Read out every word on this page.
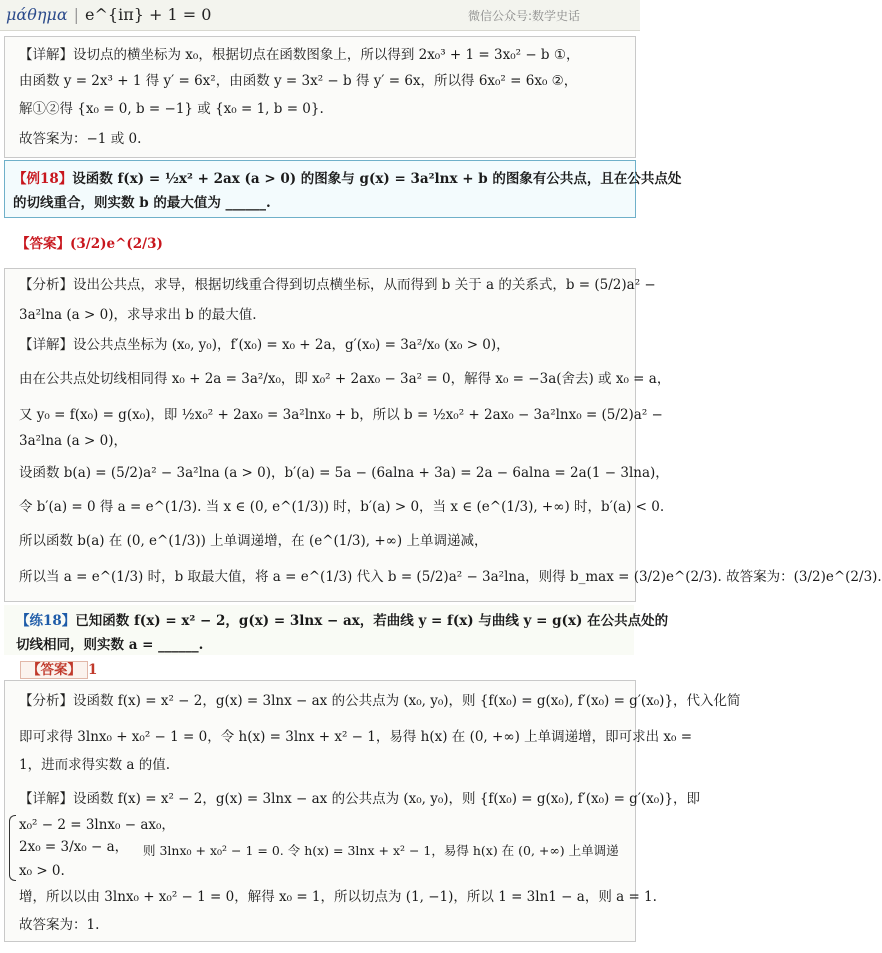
μάθημα | e^{iπ} + 1 = 0	微信公众号:数学史话
【详解】设切点的横坐标为 x₀，根据切点在函数图象上，所以得到 2x₀³ + 1 = 3x₀² − b ①，
由函数 y = 2x³ + 1 得 y′ = 6x²，由函数 y = 3x² − b 得 y′ = 6x，所以得 6x₀² = 6x₀ ②，
解①②得 {x₀ = 0, b = −1} 或 {x₀ = 1, b = 0}.
故答案为：−1 或 0.
【例18】设函数 f(x) = ½x² + 2ax (a > 0) 的图象与 g(x) = 3a²lnx + b 的图象有公共点，且在公共点处
的切线重合，则实数 b 的最大值为 ______.
【答案】(3/2)e^(2/3)
【分析】设出公共点，求导，根据切线重合得到切点横坐标，从而得到 b 关于 a 的关系式，b = (5/2)a² −
3a²lna (a > 0)，求导求出 b 的最大值.
【详解】设公共点坐标为 (x₀, y₀)，f′(x₀) = x₀ + 2a，g′(x₀) = 3a²/x₀ (x₀ > 0)，
由在公共点处切线相同得 x₀ + 2a = 3a²/x₀，即 x₀² + 2ax₀ − 3a² = 0，解得 x₀ = −3a(舍去) 或 x₀ = a，
又 y₀ = f(x₀) = g(x₀)，即 ½x₀² + 2ax₀ = 3a²lnx₀ + b，所以 b = ½x₀² + 2ax₀ − 3a²lnx₀ = (5/2)a² −
3a²lna (a > 0)，
设函数 b(a) = (5/2)a² − 3a²lna (a > 0)，b′(a) = 5a − (6alna + 3a) = 2a − 6alna = 2a(1 − 3lna)，
令 b′(a) = 0 得 a = e^(1/3). 当 x ∈ (0, e^(1/3)) 时，b′(a) > 0，当 x ∈ (e^(1/3), +∞) 时，b′(a) < 0.
所以函数 b(a) 在 (0, e^(1/3)) 上单调递增，在 (e^(1/3), +∞) 上单调递减，
所以当 a = e^(1/3) 时，b 取最大值，将 a = e^(1/3) 代入 b = (5/2)a² − 3a²lna，则得 b_max = (3/2)e^(2/3). 故答案为：(3/2)e^(2/3).
【练18】已知函数 f(x) = x² − 2，g(x) = 3lnx − ax，若曲线 y = f(x) 与曲线 y = g(x) 在公共点处的
切线相同，则实数 a = ______.
【答案】 1
【分析】设函数 f(x) = x² − 2，g(x) = 3lnx − ax 的公共点为 (x₀, y₀)，则 {f(x₀) = g(x₀), f′(x₀) = g′(x₀)}，代入化简
即可求得 3lnx₀ + x₀² − 1 = 0，令 h(x) = 3lnx + x² − 1，易得 h(x) 在 (0, +∞) 上单调递增，即可求出 x₀ =
1，进而求得实数 a 的值.
【详解】设函数 f(x) = x² − 2，g(x) = 3lnx − ax 的公共点为 (x₀, y₀)，则 {f(x₀) = g(x₀), f′(x₀) = g′(x₀)}，即
x₀² − 2 = 3lnx₀ − ax₀，
2x₀ = 3/x₀ − a，
x₀ > 0.
则 3lnx₀ + x₀² − 1 = 0. 令 h(x) = 3lnx + x² − 1，易得 h(x) 在 (0, +∞) 上单调递
增，所以以由 3lnx₀ + x₀² − 1 = 0，解得 x₀ = 1，所以切点为 (1, −1)，所以 1 = 3ln1 − a，则 a = 1.
故答案为：1.
